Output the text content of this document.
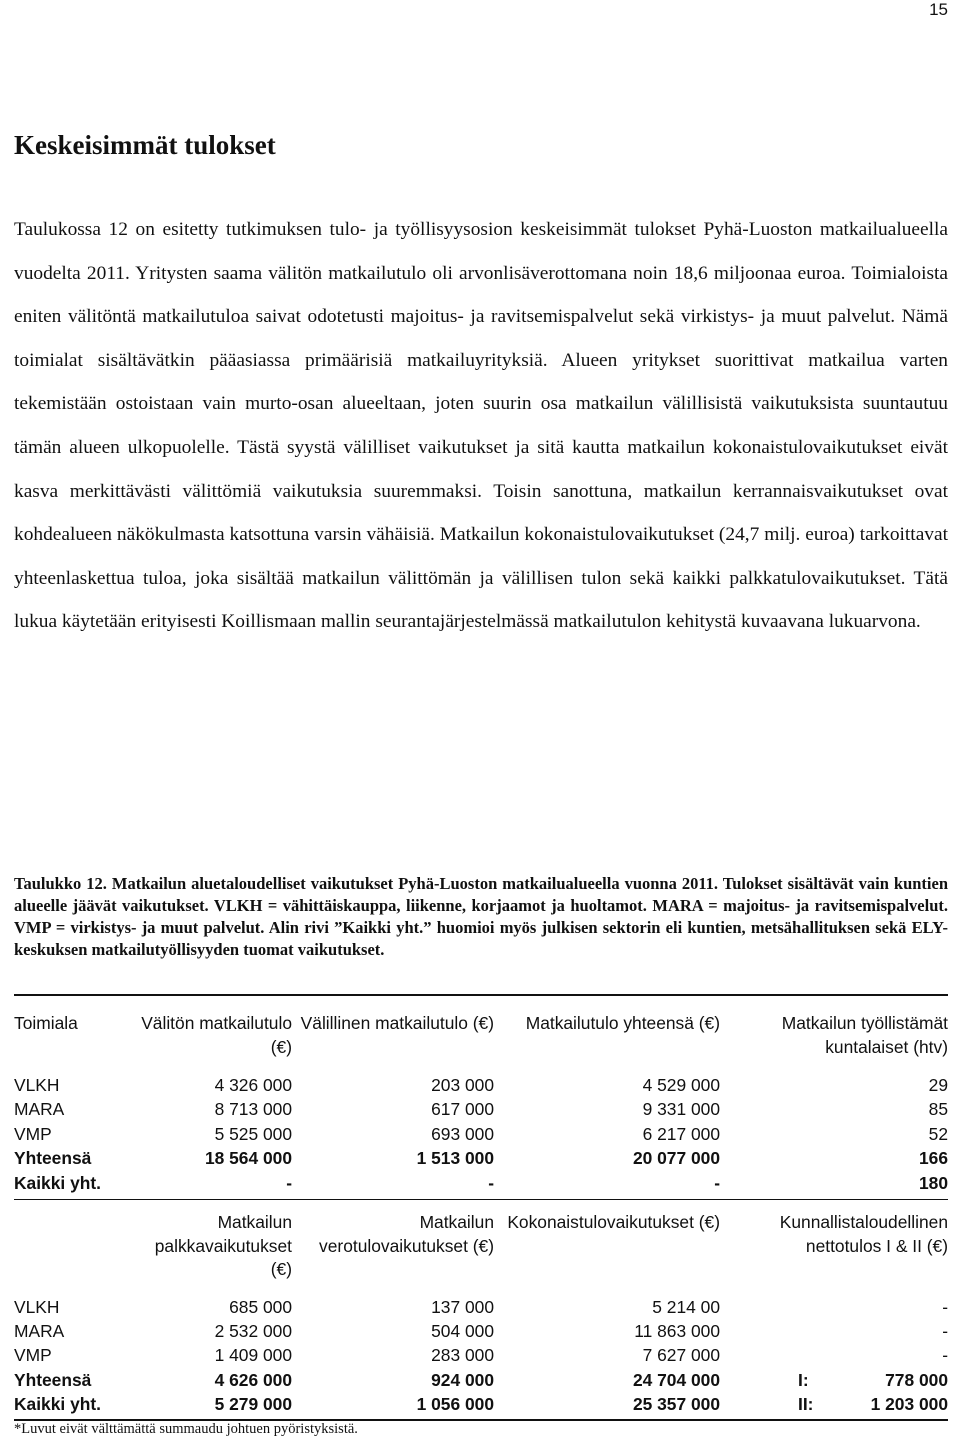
15
Keskeisimmät tulokset

Taulukossa 12 on esitetty tutkimuksen tulo- ja työllisyysosion keskeisimmät tulokset Pyhä-Luoston matkailualueella vuodelta 2011. Yritysten saama välitön matkailutulo oli arvonlisäverottomana noin 18,6 miljoonaa euroa. Toimialoista eniten välitöntä matkailutuloa saivat odotetusti majoitus- ja ravitsemispalvelut sekä virkistys- ja muut palvelut. Nämä toimialat sisältävätkin pääasiassa primäärisiä matkailuyrityksiä. Alueen yritykset suorittivat matkailua varten tekemistään ostoistaan vain murto-osan alueeltaan, joten suurin osa matkailun välillisistä vaikutuksista suuntautuu tämän alueen ulkopuolelle. Tästä syystä välilliset vaikutukset ja sitä kautta matkailun kokonaistulovaikutukset eivät kasva merkittävästi välittömiä vaikutuksia suuremmaksi. Toisin sanottuna, matkailun kerrannaisvaikutukset ovat kohdealueen näkökulmasta katsottuna varsin vähäisiä. Matkailun kokonaistulovaikutukset (24,7 milj. euroa) tarkoittavat yhteenlaskettua tuloa, joka sisältää matkailun välittömän ja välillisen tulon sekä kaikki palkkatulovaikutukset. Tätä lukua käytetään erityisesti Koillismaan mallin seurantajärjestelmässä matkailutulon kehitystä kuvaavana lukuarvona.

Taulukko 12. Matkailun aluetaloudelliset vaikutukset Pyhä-Luoston matkailualueella vuonna 2011. Tulokset sisältävät vain kuntien alueelle jäävät vaikutukset. VLKH = vähittäiskauppa, liikenne, korjaamot ja huoltamot. MARA = majoitus- ja ravitsemispalvelut. VMP = virkistys- ja muut palvelut. Alin rivi ”Kaikki yht.” huomioi myös julkisen sektorin eli kuntien, metsähallituksen sekä ELY-keskuksen matkailutyöllisyyden tuomat vaikutukset.

Toimiala	Välitön matkailutulo (€)	Välillinen matkailutulo (€)	Matkailutulo yhteensä (€)	Matkailun työllistämät kuntalaiset (htv)

VLKH	4 326 000	203 000	4 529 000	29
MARA	8 713 000	617 000	9 331 000	85
VMP	5 525 000	693 000	6 217 000	52
Yhteensä	18 564 000	1 513 000	20 077 000	166
Kaikki yht.	-	-	-	180
	Matkailun palkkavaikutukset (€)	Matkailun verotulovaikutukset (€)	Kokonaistulovaikutukset (€)	Kunnallistaloudellinen nettotulos I & II (€)

VLKH	685 000	137 000	5 214 00	-

MARA	2 532 000	504 000	11 863 000	-

VMP	1 409 000	283 000	7 627 000	-

Yhteensä	4 626 000	924 000	24 704 000	I: 778 000

Kaikki yht.	5 279 000	1 056 000	25 357 000	II: 1 203 000

*Luvut eivät välttämättä summaudu johtuen pyöristyksistä.
